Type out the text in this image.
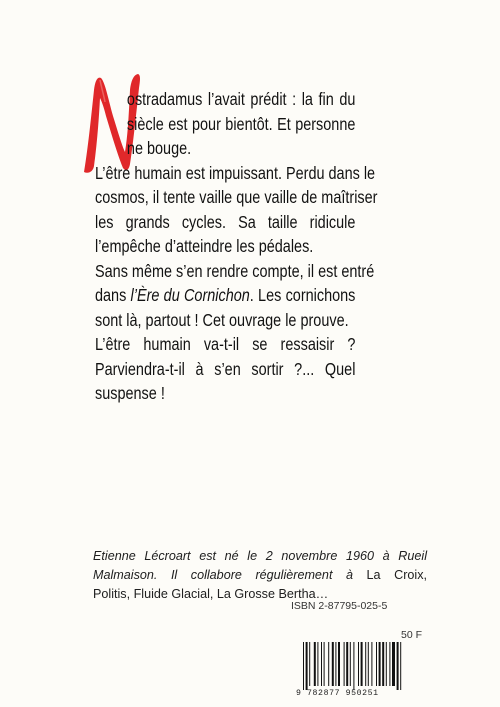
ostradamus l’avait prédit : la fin du
siècle est pour bientôt. Et personne
ne bouge.
L’être humain est impuissant. Perdu dans le
cosmos, il tente vaille que vaille de maîtriser
les grands cycles. Sa taille ridicule
l’empêche d’atteindre les pédales.
Sans même s’en rendre compte, il est entré
dans l’Ère du Cornichon. Les cornichons
sont là, partout ! Cet ouvrage le prouve.
L’être humain va-t-il se ressaisir ?
Parviendra-t-il à s’en sortir ?... Quel
suspense !
Etienne Lécroart est né le 2 novembre 1960 à Rueil
Malmaison. Il collabore régulièrement à La Croix,
Politis, Fluide Glacial, La Grosse Bertha…
ISBN 2-87795-025-5
50 F
9 782877 950251
